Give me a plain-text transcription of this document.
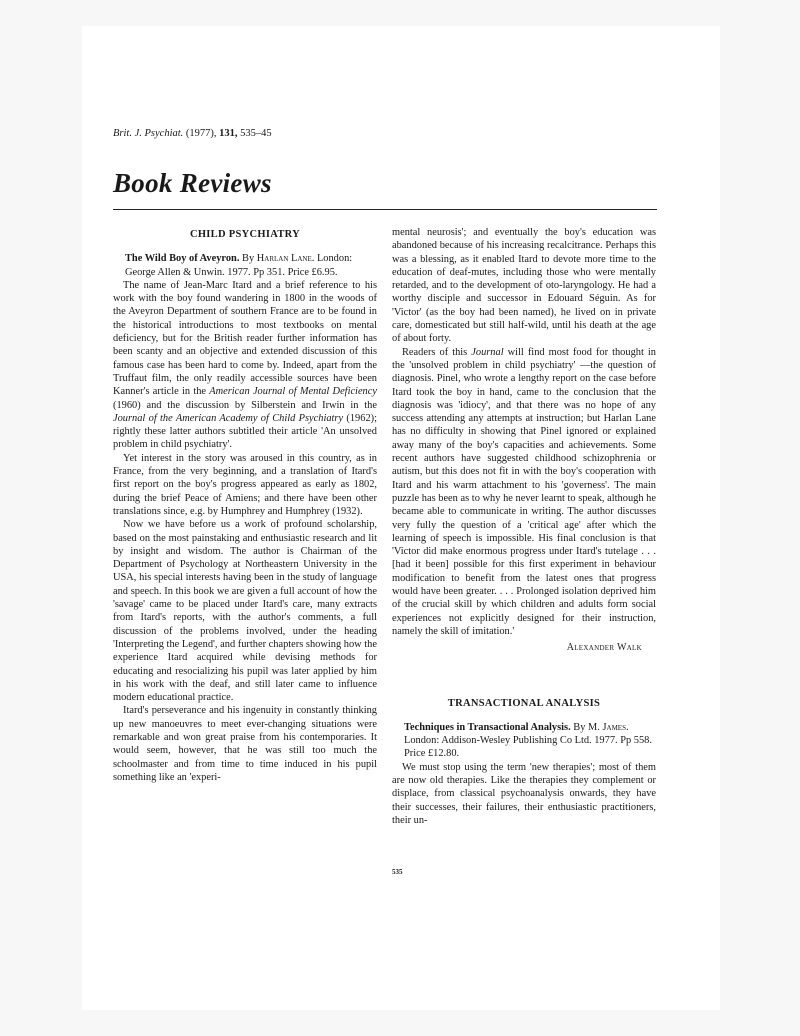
Brit. J. Psychiat. (1977), 131, 535–45
Book Reviews
CHILD PSYCHIATRY

The Wild Boy of Aveyron. By Harlan Lane. London: George Allen & Unwin. 1977. Pp 351. Price £6.95.

The name of Jean-Marc Itard and a brief reference to his work with the boy found wandering in 1800 in the woods of the Aveyron Department of southern France are to be found in the historical introductions to most textbooks on mental deficiency, but for the British reader further information has been scanty and an objective and extended discussion of this famous case has been hard to come by. Indeed, apart from the Truffaut film, the only readily accessible sources have been Kanner's article in the American Journal of Mental Deficiency (1960) and the discussion by Silberstein and Irwin in the Journal of the American Academy of Child Psychiatry (1962); rightly these latter authors subtitled their article 'An unsolved problem in child psychiatry'.

Yet interest in the story was aroused in this country, as in France, from the very beginning, and a translation of Itard's first report on the boy's progress appeared as early as 1802, during the brief Peace of Amiens; and there have been other translations since, e.g. by Humphrey and Humphrey (1932).

Now we have before us a work of profound scholarship, based on the most painstaking and enthusiastic research and lit by insight and wisdom. The author is Chairman of the Department of Psychology at Northeastern University in the USA, his special interests having been in the study of language and speech. In this book we are given a full account of how the 'savage' came to be placed under Itard's care, many extracts from Itard's reports, with the author's comments, a full discussion of the problems involved, under the heading 'Interpreting the Legend', and further chapters showing how the experience Itard acquired while devising methods for educating and resocializing his pupil was later applied by him in his work with the deaf, and still later came to influence modern educational practice.

Itard's perseverance and his ingenuity in constantly thinking up new manoeuvres to meet ever-changing situations were remarkable and won great praise from his contemporaries. It would seem, however, that he was still too much the schoolmaster and from time to time induced in his pupil something like an 'experi-

mental neurosis'; and eventually the boy's education was abandoned because of his increasing recalcitrance. Perhaps this was a blessing, as it enabled Itard to devote more time to the education of deaf-mutes, including those who were mentally retarded, and to the development of oto-laryngology. He had a worthy disciple and successor in Edouard Séguin. As for 'Victor' (as the boy had been named), he lived on in private care, domesticated but still half-wild, until his death at the age of about forty.

Readers of this Journal will find most food for thought in the 'unsolved problem in child psychiatry' —the question of diagnosis. Pinel, who wrote a lengthy report on the case before Itard took the boy in hand, came to the conclusion that the diagnosis was 'idiocy', and that there was no hope of any success attending any attempts at instruction; but Harlan Lane has no difficulty in showing that Pinel ignored or explained away many of the boy's capacities and achievements. Some recent authors have suggested childhood schizophrenia or autism, but this does not fit in with the boy's cooperation with Itard and his warm attachment to his 'governess'. The main puzzle has been as to why he never learnt to speak, although he became able to communicate in writing. The author discusses very fully the question of a 'critical age' after which the learning of speech is impossible. His final conclusion is that 'Victor did make enormous progress under Itard's tutelage . . . [had it been] possible for this first experiment in behaviour modification to benefit from the latest ones that progress would have been greater. . . . Prolonged isolation deprived him of the crucial skill by which children and adults form social experiences not explicitly designed for their instruction, namely the skill of imitation.'

Alexander Walk
TRANSACTIONAL ANALYSIS

Techniques in Transactional Analysis. By M. James. London: Addison-Wesley Publishing Co Ltd. 1977. Pp 558. Price £12.80.

We must stop using the term 'new therapies'; most of them are now old therapies. Like the therapies they complement or displace, from classical psychoanalysis onwards, they have their successes, their failures, their enthusiastic practitioners, their un-

535
